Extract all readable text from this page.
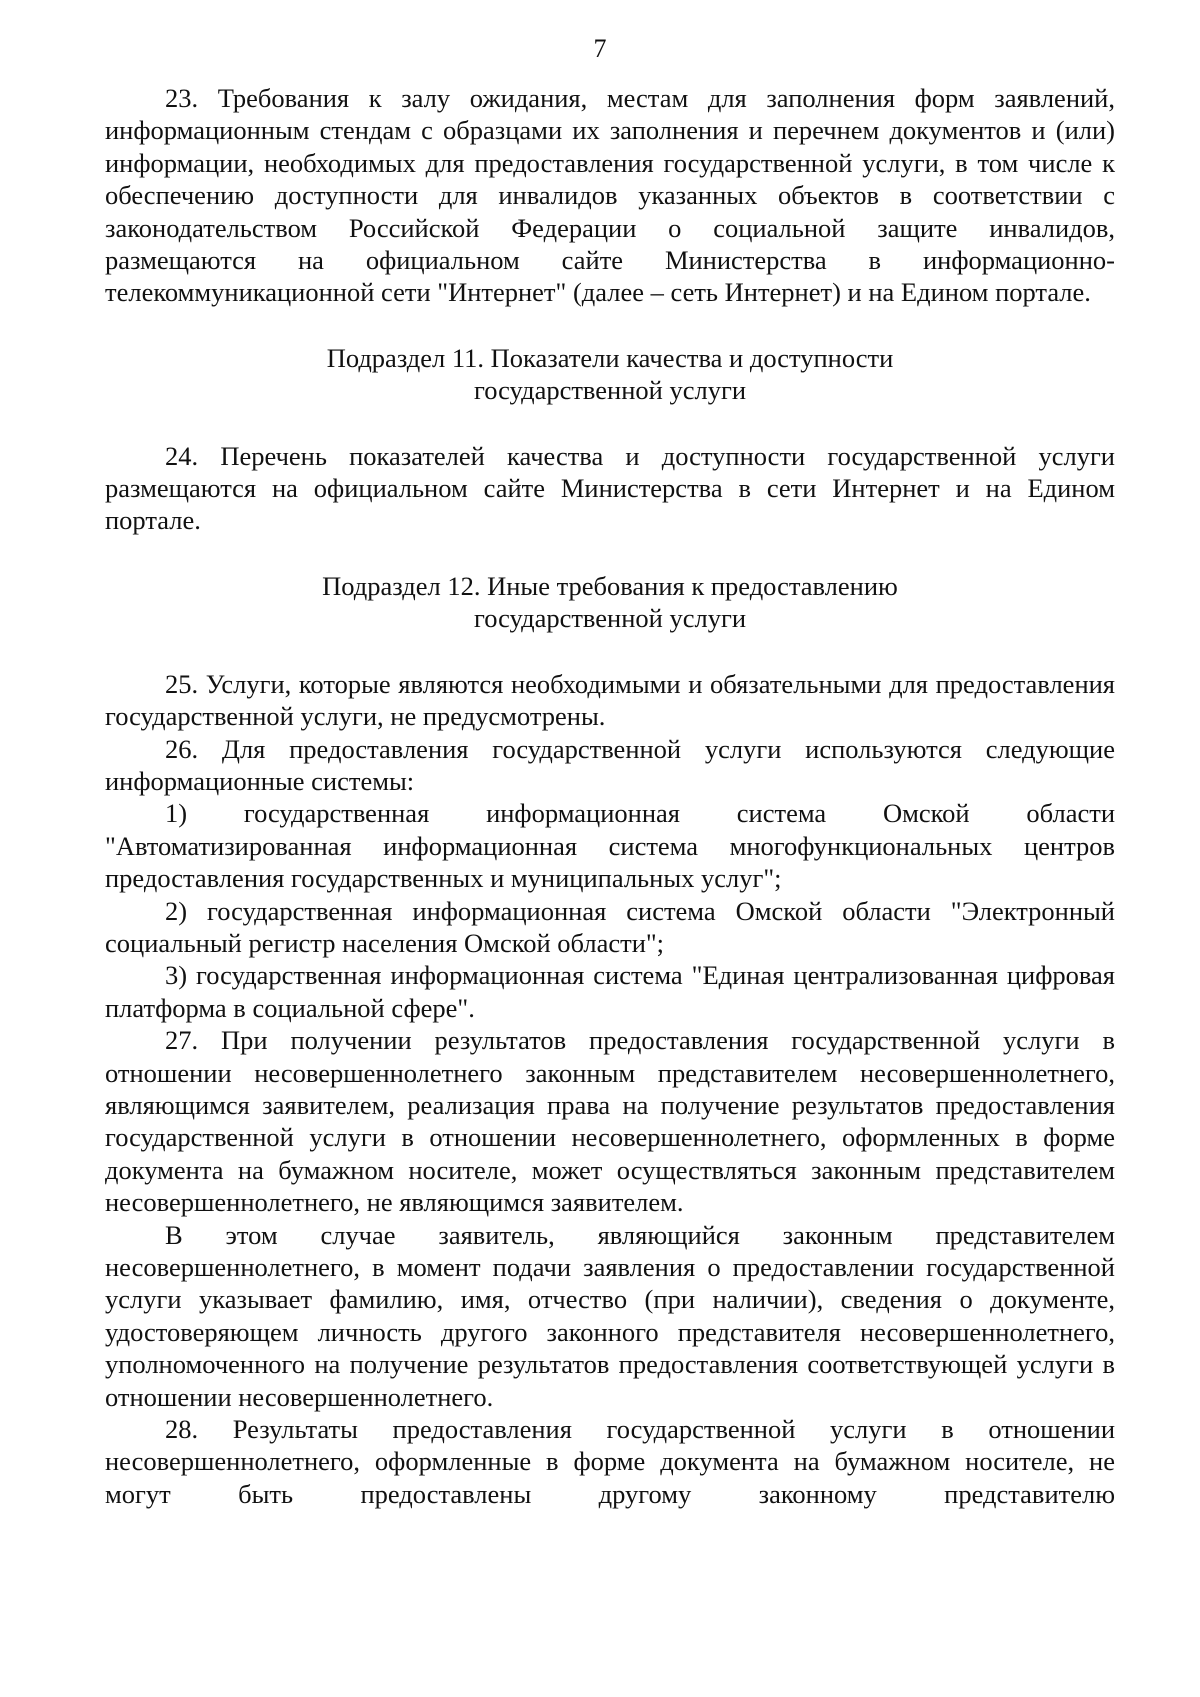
7

23. Требования к залу ожидания, местам для заполнения форм заявлений, информационным стендам с образцами их заполнения и перечнем документов и (или) информации, необходимых для предоставления государственной услуги, в том числе к обеспечению доступности для инвалидов указанных объектов в соответствии с законодательством Российской Федерации о социальной защите инвалидов, размещаются на официальном сайте Министерства в информационно-телекоммуникационной сети "Интернет" (далее – сеть Интернет) и на Едином портале.

Подраздел 11. Показатели качества и доступности

государственной услуги

24. Перечень показателей качества и доступности государственной услуги размещаются на официальном сайте Министерства в сети Интернет и на Едином портале.

Подраздел 12. Иные требования к предоставлению

государственной услуги

25. Услуги, которые являются необходимыми и обязательными для предоставления государственной услуги, не предусмотрены.

26. Для предоставления государственной услуги используются следующие информационные системы:

1) государственная информационная система Омской области "Автоматизированная информационная система многофункциональных центров предоставления государственных и муниципальных услуг";

2) государственная информационная система Омской области "Электронный социальный регистр населения Омской области";

3) государственная информационная система "Единая централизованная цифровая платформа в социальной сфере".

27. При получении результатов предоставления государственной услуги в отношении несовершеннолетнего законным представителем несовершеннолетнего, являющимся заявителем, реализация права на получение результатов предоставления государственной услуги в отношении несовершеннолетнего, оформленных в форме документа на бумажном носителе, может осуществляться законным представителем несовершеннолетнего, не являющимся заявителем.

В этом случае заявитель, являющийся законным представителем несовершеннолетнего, в момент подачи заявления о предоставлении государственной услуги указывает фамилию, имя, отчество (при наличии), сведения о документе, удостоверяющем личность другого законного представителя несовершеннолетнего, уполномоченного на получение результатов предоставления соответствующей услуги в отношении несовершеннолетнего.

28. Результаты предоставления государственной услуги в отношении несовершеннолетнего, оформленные в форме документа на бумажном носителе, не могут быть предоставлены другому законному представителю
